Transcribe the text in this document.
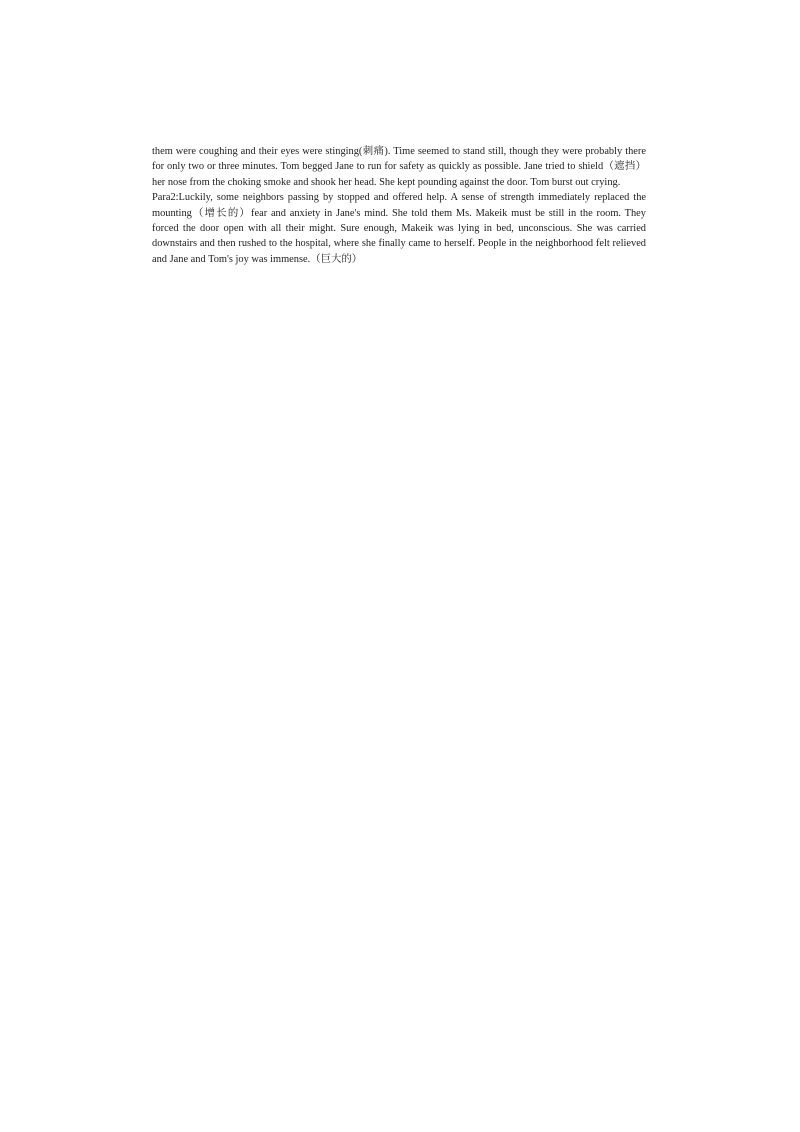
them were coughing and their eyes were stinging(刺痛). Time seemed to stand still, though they were probably there for only two or three minutes. Tom begged Jane to run for safety as quickly as possible. Jane tried to shield（遮挡）her nose from the choking smoke and shook her head. She kept pounding against the door. Tom burst out crying.

Para2:Luckily, some neighbors passing by stopped and offered help. A sense of strength immediately replaced the mounting（增长的）fear and anxiety in Jane's mind. She told them Ms. Makeik must be still in the room. They forced the door open with all their might. Sure enough, Makeik was lying in bed, unconscious. She was carried downstairs and then rushed to the hospital, where she finally came to herself. People in the neighborhood felt relieved and Jane and Tom's joy was immense.（巨大的）
